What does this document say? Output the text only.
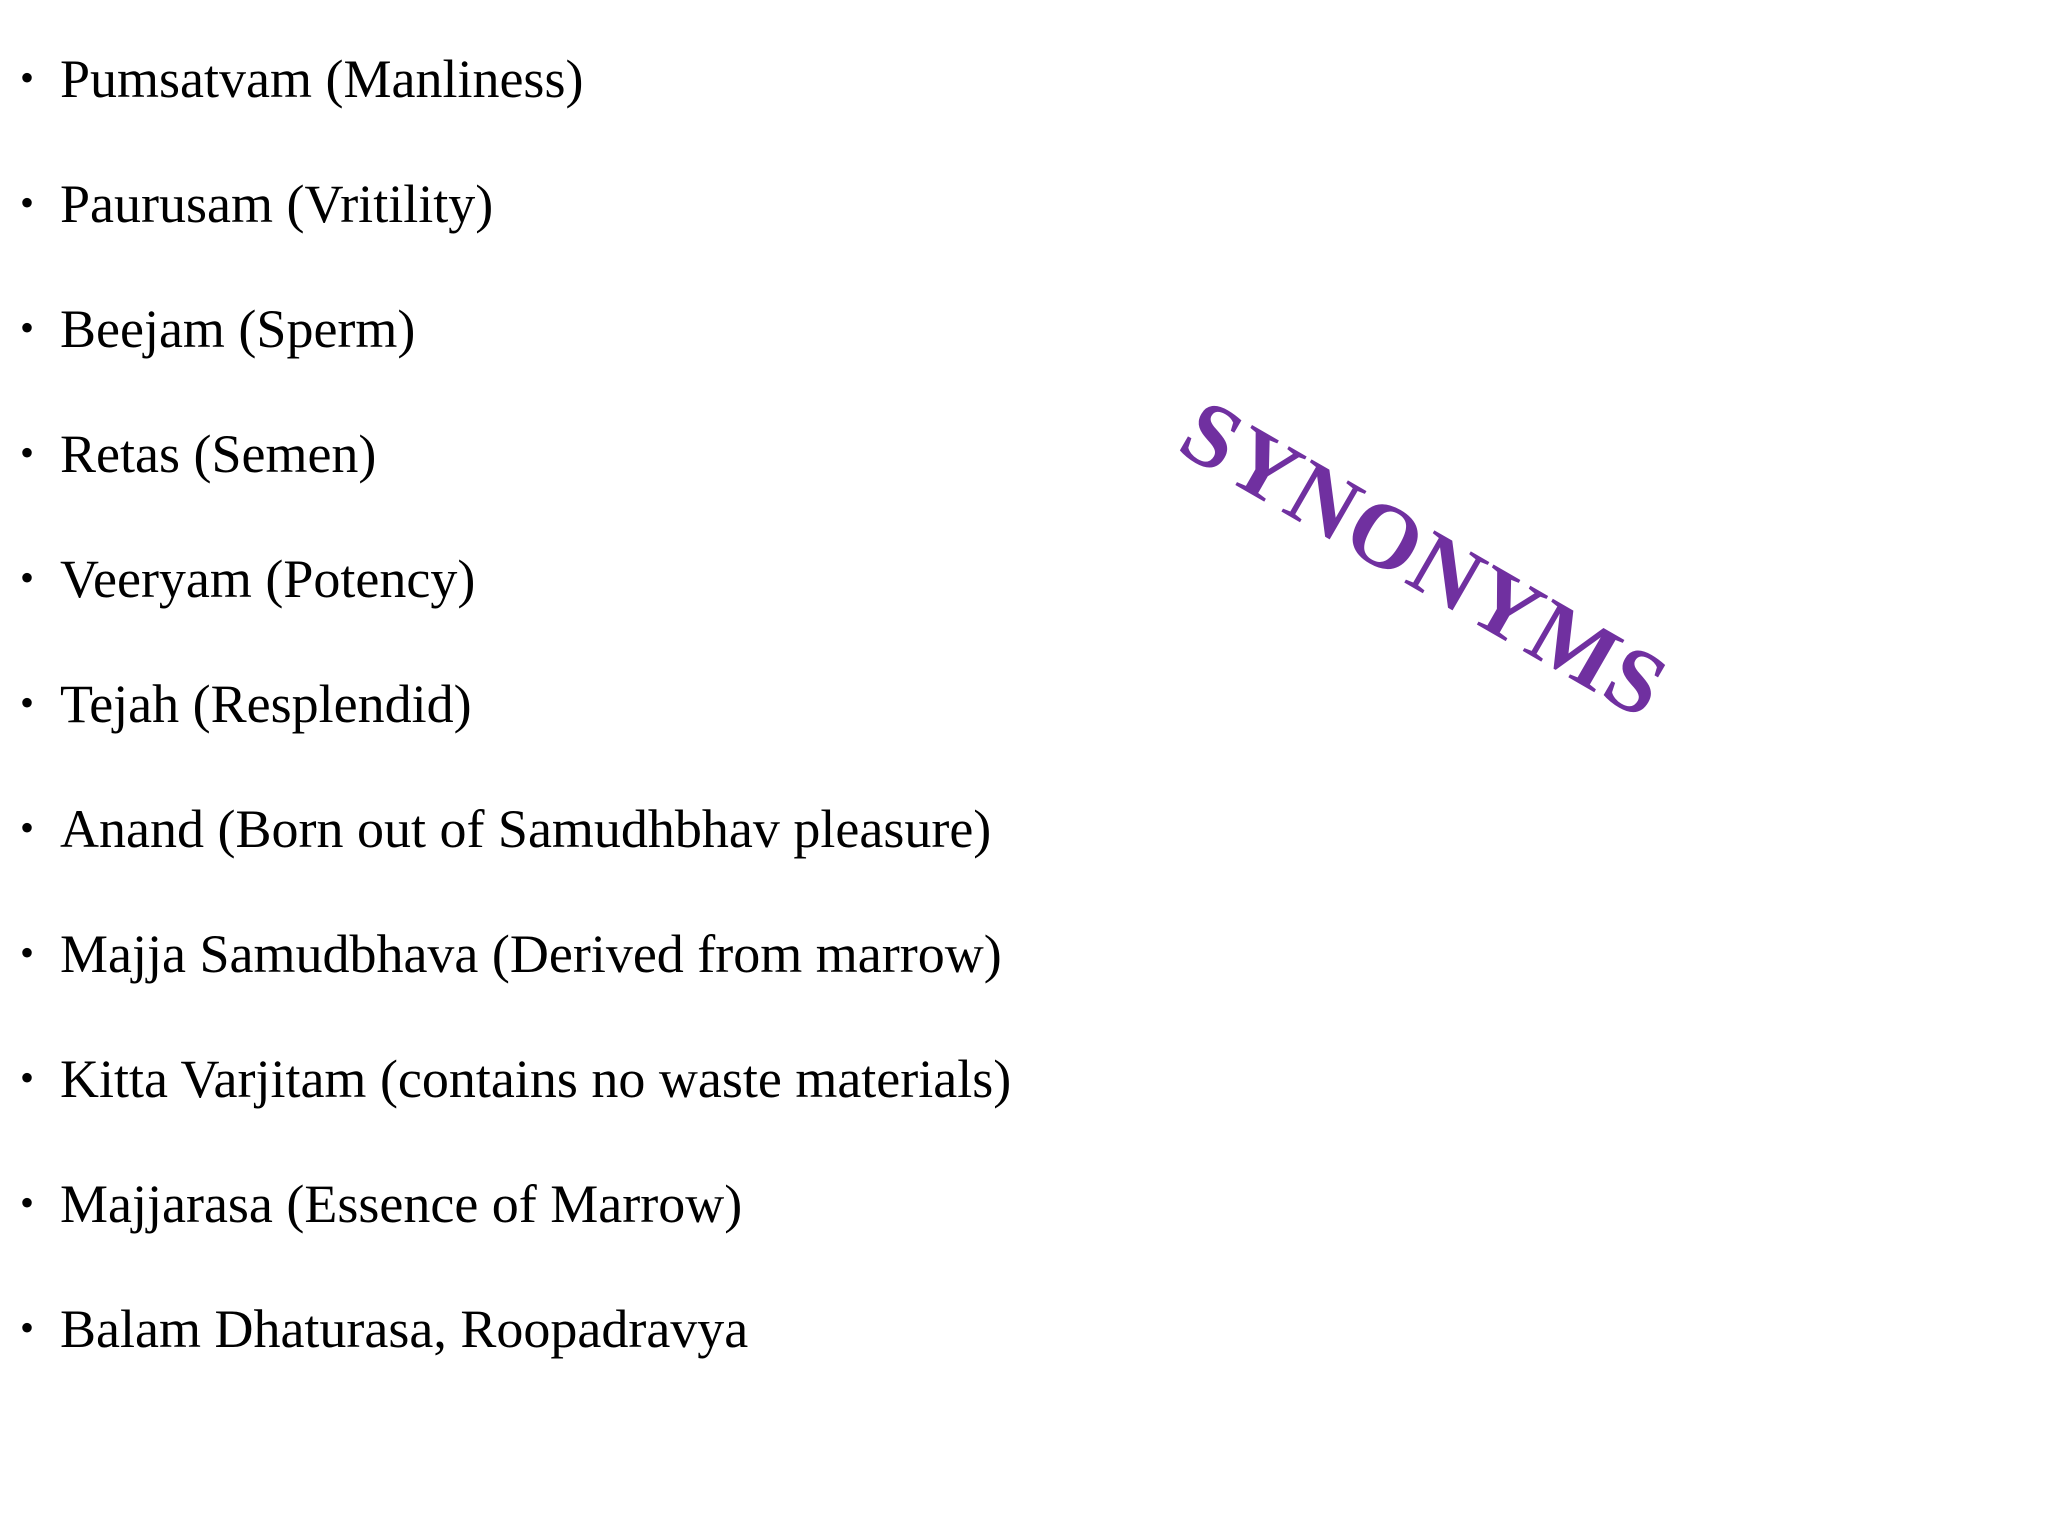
• Pumsatvam (Manliness)
• Paurusam (Vritility)
• Beejam (Sperm)
• Retas (Semen)
• Veeryam (Potency)
• Tejah (Resplendid)
• Anand (Born out of Samudhbhav pleasure)
• Majja Samudbhava (Derived from marrow)
• Kitta Varjitam (contains no waste materials)
• Majjarasa (Essence of Marrow)
• Balam Dhaturasa, Roopadravya
SYNONYMS
